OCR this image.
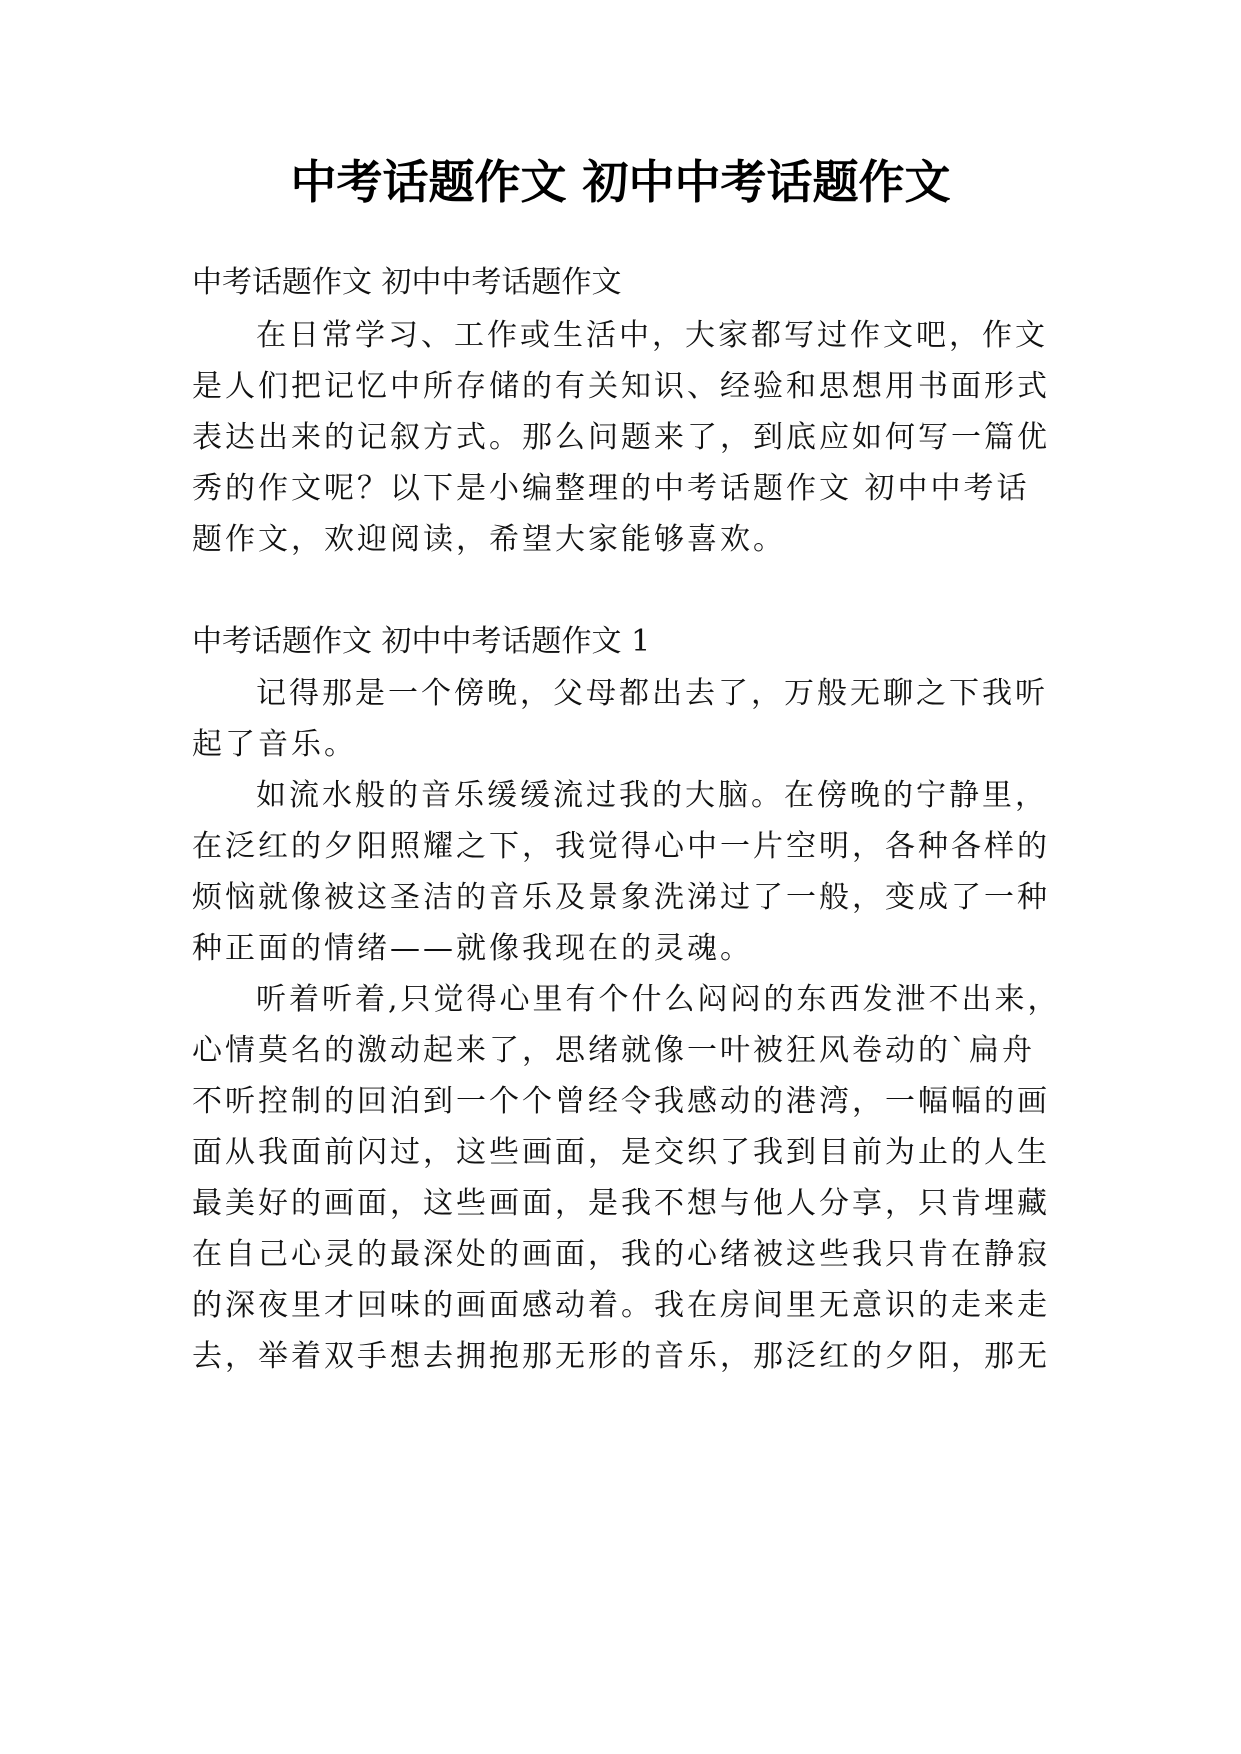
中考话题作文 初中中考话题作文

中考话题作文 初中中考话题作文

在日常学习、工作或生活中，大家都写过作文吧，作文

是人们把记忆中所存储的有关知识、经验和思想用书面形式

表达出来的记叙方式。那么问题来了，到底应如何写一篇优

秀的作文呢？以下是小编整理的中考话题作文 初中中考话

题作文，欢迎阅读，希望大家能够喜欢。

中考话题作文 初中中考话题作文 1

记得那是一个傍晚，父母都出去了，万般无聊之下我听

起了音乐。

如流水般的音乐缓缓流过我的大脑。在傍晚的宁静里，

在泛红的夕阳照耀之下，我觉得心中一片空明，各种各样的

烦恼就像被这圣洁的音乐及景象洗涕过了一般，变成了一种

种正面的情绪——就像我现在的灵魂。

听着听着,只觉得心里有个什么闷闷的东西发泄不出来，

心情莫名的激动起来了，思绪就像一叶被狂风卷动的`扁舟

不听控制的回泊到一个个曾经令我感动的港湾，一幅幅的画

面从我面前闪过，这些画面，是交织了我到目前为止的人生

最美好的画面，这些画面，是我不想与他人分享，只肯埋藏

在自己心灵的最深处的画面，我的心绪被这些我只肯在静寂

的深夜里才回味的画面感动着。我在房间里无意识的走来走

去，举着双手想去拥抱那无形的音乐，那泛红的夕阳，那无
